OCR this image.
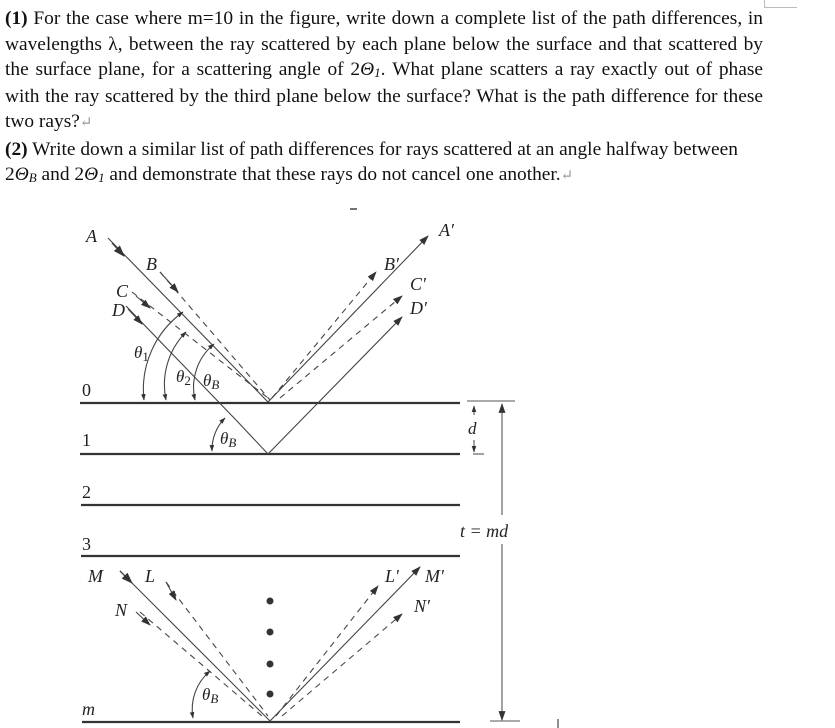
(1) For the case where m=10 in the figure, write down a complete list of the path differences, in wavelengths λ, between the ray scattered by each plane below the surface and that scattered by the surface plane, for a scattering angle of 2Θ1. What plane scatters a ray exactly out of phase with the ray scattered by the third plane below the surface? What is the path difference for these two rays?↵

(2) Write down a similar list of path differences for rays scattered at an angle halfway between 2ΘB and 2Θ1 and demonstrate that these rays do not cancel one another.↵

0
1
2
3
m
A
B
C
D
A′
B′
C′
D′
θ1
θ2 θB
θB
θB
M L
N
L′ M′
N′
d
t = md
